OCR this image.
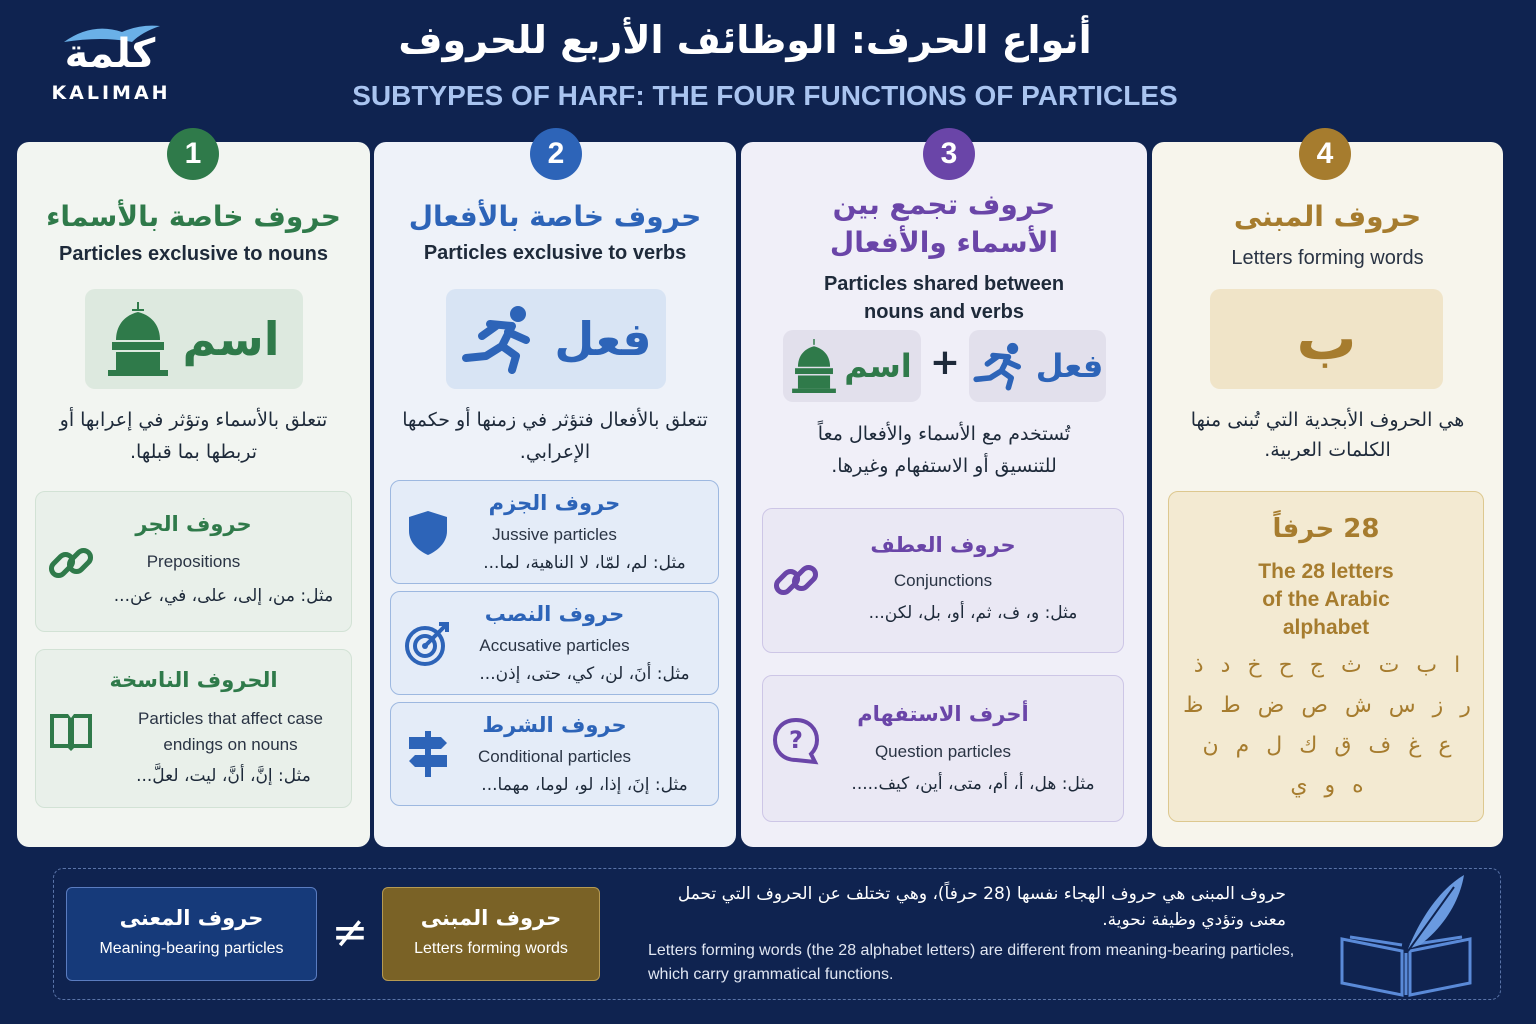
كلمة
KALIMAH
أنواع الحرف: الوظائف الأربع للحروف
SUBTYPES OF HARF: THE FOUR FUNCTIONS OF PARTICLES
1
حروف خاصة بالأسماء
Particles exclusive to nouns
اسم
تتعلق بالأسماء وتؤثر في إعرابها أو تربطها بما قبلها.
حروف الجر
Prepositions
مثل: من، إلى، على، في، عن...
الحروف الناسخة
Particles that affect case endings on nouns
مثل: إنَّ، أنَّ، ليت، لعلَّ...
2
حروف خاصة بالأفعال
Particles exclusive to verbs
فعل
تتعلق بالأفعال فتؤثر في زمنها أو حكمها الإعرابي.
حروف الجزم
Jussive particles
مثل: لم، لمّا، لا الناهية، لما...
حروف النصب
Accusative particles
مثل: أنَ، لن، كي، حتى، إذن...
حروف الشرط
Conditional particles
مثل: إنَ، إذا، لو، لوما، مهما...
3
حروف تجمع بين
الأسماء والأفعال
Particles shared between
nouns and verbs
اسم + فعل
تُستخدم مع الأسماء والأفعال معاً
للتنسيق أو الاستفهام وغيرها.
حروف العطف
Conjunctions
مثل: و، ف، ثم، أو، بل، لكن...
أحرف الاستفهام
Question particles
مثل: هل، أ، أم، متى، أين، كيف.....
?
4
حروف المبنى
Letters forming words
ب
هي الحروف الأبجدية التي تُبنى منها
الكلمات العربية.
28 حرفاً
The 28 letters
of the Arabic
alphabet
ا ب ت ث ج ح خ د ذ
ر ز س ش ص ض ط ظ
ع غ ف ق ك ل م ن
ه و ي
حروف المعنى
Meaning-bearing particles	≠	حروف المبنى
Letters forming words
حروف المبنى هي حروف الهجاء نفسها (28 حرفاً)، وهي تختلف عن الحروف التي تحمل معنى وتؤدي وظيفة نحوية.
Letters forming words (the 28 alphabet letters) are different from meaning-bearing particles, which carry grammatical functions.
